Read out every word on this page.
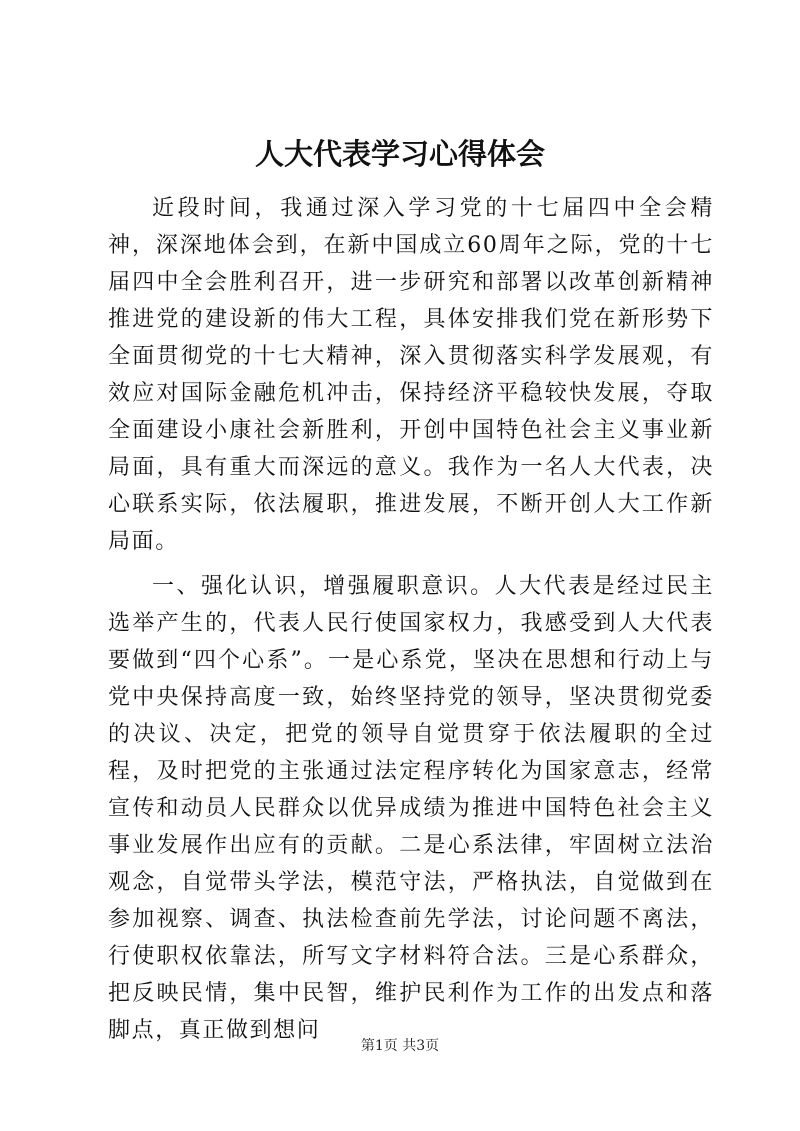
人大代表学习心得体会

近段时间，我通过深入学习党的十七届四中全会精神，深深地体会到，在新中国成立60周年之际，党的十七届四中全会胜利召开，进一步研究和部署以改革创新精神推进党的建设新的伟大工程，具体安排我们党在新形势下全面贯彻党的十七大精神，深入贯彻落实科学发展观，有效应对国际金融危机冲击，保持经济平稳较快发展，夺取全面建设小康社会新胜利，开创中国特色社会主义事业新局面，具有重大而深远的意义。我作为一名人大代表，决心联系实际，依法履职，推进发展，不断开创人大工作新局面。

一、强化认识，增强履职意识。人大代表是经过民主选举产生的，代表人民行使国家权力，我感受到人大代表要做到“四个心系”。一是心系党，坚决在思想和行动上与党中央保持高度一致，始终坚持党的领导，坚决贯彻党委的决议、决定，把党的领导自觉贯穿于依法履职的全过程，及时把党的主张通过法定程序转化为国家意志，经常宣传和动员人民群众以优异成绩为推进中国特色社会主义事业发展作出应有的贡献。二是心系法律，牢固树立法治观念，自觉带头学法，模范守法，严格执法，自觉做到在参加视察、调查、执法检查前先学法，讨论问题不离法，行使职权依靠法，所写文字材料符合法。三是心系群众，把反映民情，集中民智，维护民利作为工作的出发点和落脚点，真正做到想问

第1页 共3页
